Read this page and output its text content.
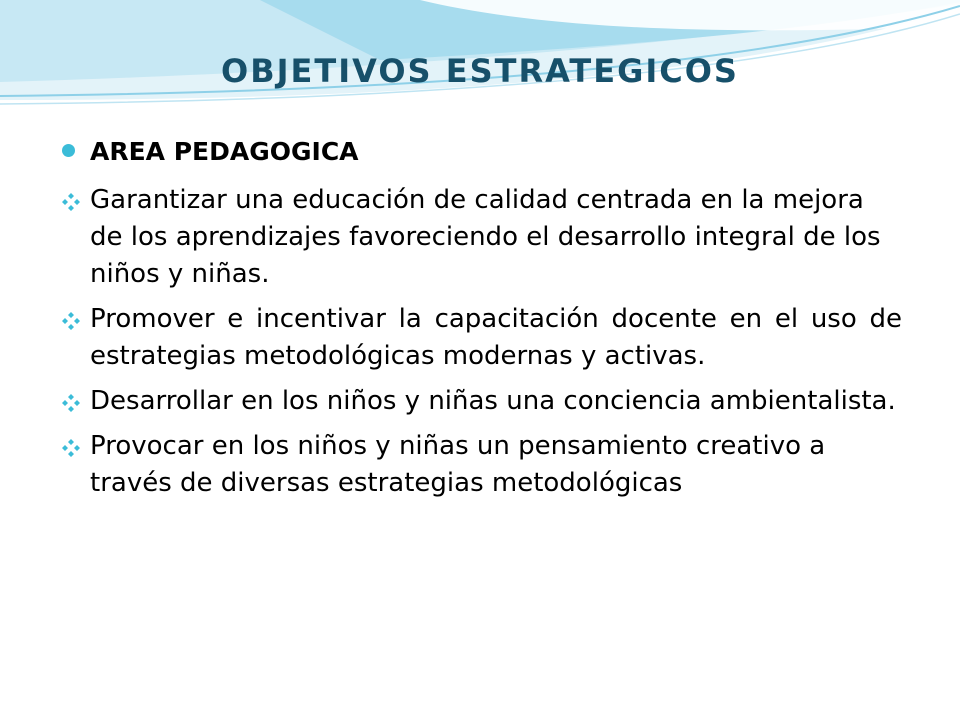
OBJETIVOS ESTRATEGICOS
AREA PEDAGOGICA
Garantizar una educación de calidad centrada en la mejora de los aprendizajes favoreciendo el desarrollo integral de los niños y niñas.
Promover e incentivar la capacitación docente en el uso de estrategias metodológicas modernas y activas.
Desarrollar en los niños y niñas una conciencia ambientalista.
Provocar en los niños y niñas un pensamiento creativo a través de diversas estrategias metodológicas
